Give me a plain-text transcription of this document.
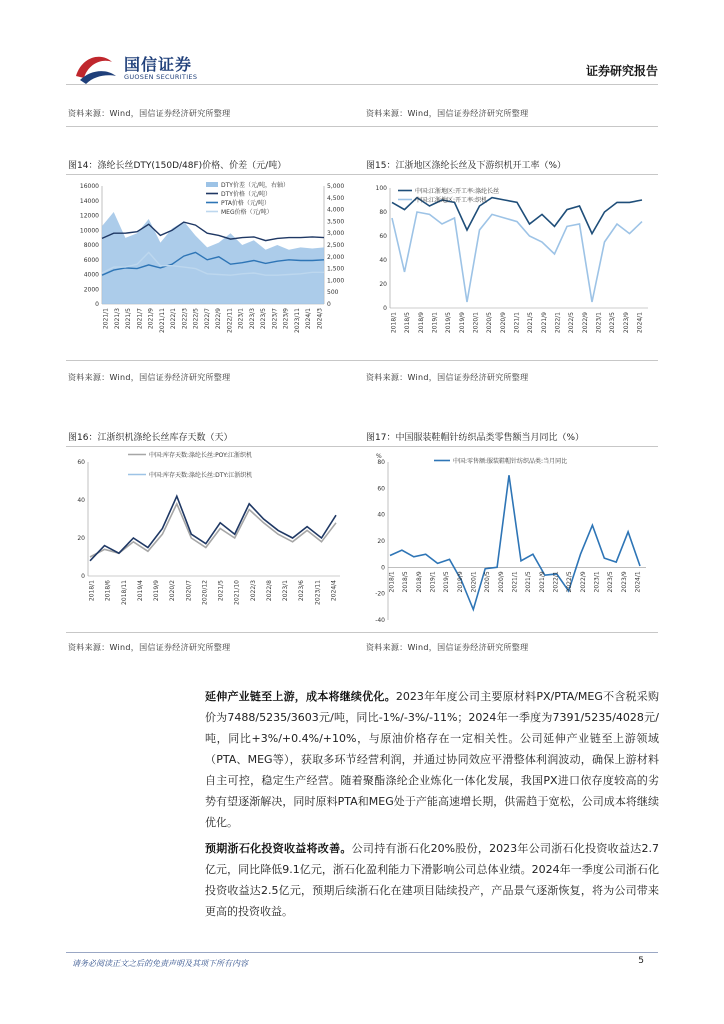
国信证券
GUOSEN SECURITIES	证券研究报告
资料来源：Wind，国信证券经济研究所整理	资料来源：Wind，国信证券经济研究所整理
图14：涤纶长丝DTY(150D/48F)价格、价差（元/吨）	图15：江浙地区涤纶长丝及下游织机开工率（%）
0
2000
4000
6000
8000
10000
12000
14000
16000
0
500
1,000
1,500
2,000
2,500
3,000
3,500
4,000
4,500
5,000
DTY价差（元/吨，右轴）
DTY价格（元/吨）
PTA价格（元/吨）
MEG价格（元/吨）
2021/1 2021/3 2021/5 2021/7 2021/9 2021/11 2022/1 2022/3 2022/5 2022/7 2022/9 2022/11 2023/1 2023/3 2023/5 2023/7 2023/9 2023/11 2024/1 2024/3	0
20
40
60
80
100	中国:江浙地区:开工率:涤纶长丝
中国:江浙地区:开工率:织机
2018/1 2018/5 2018/9 2019/1 2019/5 2019/9 2020/1 2020/5 2020/9 2021/1 2021/5 2021/9 2022/1 2022/5 2022/9 2023/1 2023/5 2023/9 2024/1
资料来源：Wind，国信证券经济研究所整理	资料来源：Wind，国信证券经济研究所整理
图16：江浙织机涤纶长丝库存天数（天）	图17：中国服装鞋帽针纺织品类零售额当月同比（%）
0
20
40
60
中国:库存天数:涤纶长丝:POY:江浙织机
中国:库存天数:涤纶长丝:DTY:江浙织机
2018/1 2018/6 2018/11 2019/4 2019/9 2020/2 2020/7 2020/12 2021/5 2021/10 2022/3 2022/8 2023/1 2023/6 2023/11 2024/4
%
-40
-20
0
20
40
60
80	中国:零售额:服装鞋帽针纺织品类:当月同比
2018/1 2018/5 2018/9 2019/1 2019/5 2019/9 2020/1 2020/5 2020/9 2021/1 2021/5 2021/9 2022/1 2022/5 2022/9 2023/1 2023/5 2023/9 2024/1
资料来源：Wind，国信证券经济研究所整理	资料来源：Wind，国信证券经济研究所整理
延伸产业链至上游，成本将继续优化。2023年年度公司主要原材料PX/PTA/MEG不含税采购价为7488/5235/3603元/吨，同比-1%/-3%/-11%；2024年一季度为7391/5235/4028元/吨，同比+3%/+0.4%/+10%，与原油价格存在一定相关性。公司延伸产业链至上游领域（PTA、MEG等），获取多环节经营利润，并通过协同效应平滑整体利润波动，确保上游材料自主可控，稳定生产经营。随着聚酯涤纶企业炼化一体化发展，我国PX进口依存度较高的劣势有望逐渐解决，同时原料PTA和MEG处于产能高速增长期，供需趋于宽松，公司成本将继续优化。
预期浙石化投资收益将改善。公司持有浙石化20%股份，2023年公司浙石化投资收益达2.7亿元，同比降低9.1亿元，浙石化盈利能力下滑影响公司总体业绩。2024年一季度公司浙石化投资收益达2.5亿元，预期后续浙石化在建项目陆续投产，产品景气逐渐恢复，将为公司带来更高的投资收益。
请务必阅读正文之后的免责声明及其项下所有内容	5
